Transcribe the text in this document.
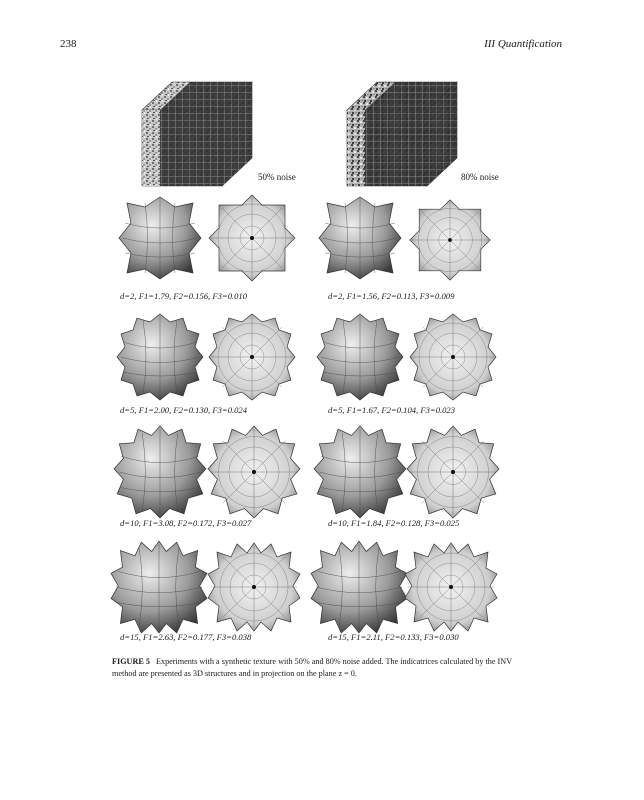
238	III Quantification
50% noise	80% noise
d=2, F1=1.79, F2=0.156, F3=0.010	d=2, F1=1.56, F2=0.113, F3=0.009
d=5, F1=2.00, F2=0.130, F3=0.024	d=5, F1=1.67, F2=0.104, F3=0.023
d=10, F1=3.08, F2=0.172, F3=0.027	d=10, F1=1.84, F2=0.128, F3=0.025
d=15, F1=2.63, F2=0.177, F3=0.038	d=15, F1=2.11, F2=0.133, F3=0.030
FIGURE 5 Experiments with a synthetic texture with 50% and 80% noise added. The indicatrices calculated by the INV method are presented as 3D structures and in projection on the plane z = 0.
